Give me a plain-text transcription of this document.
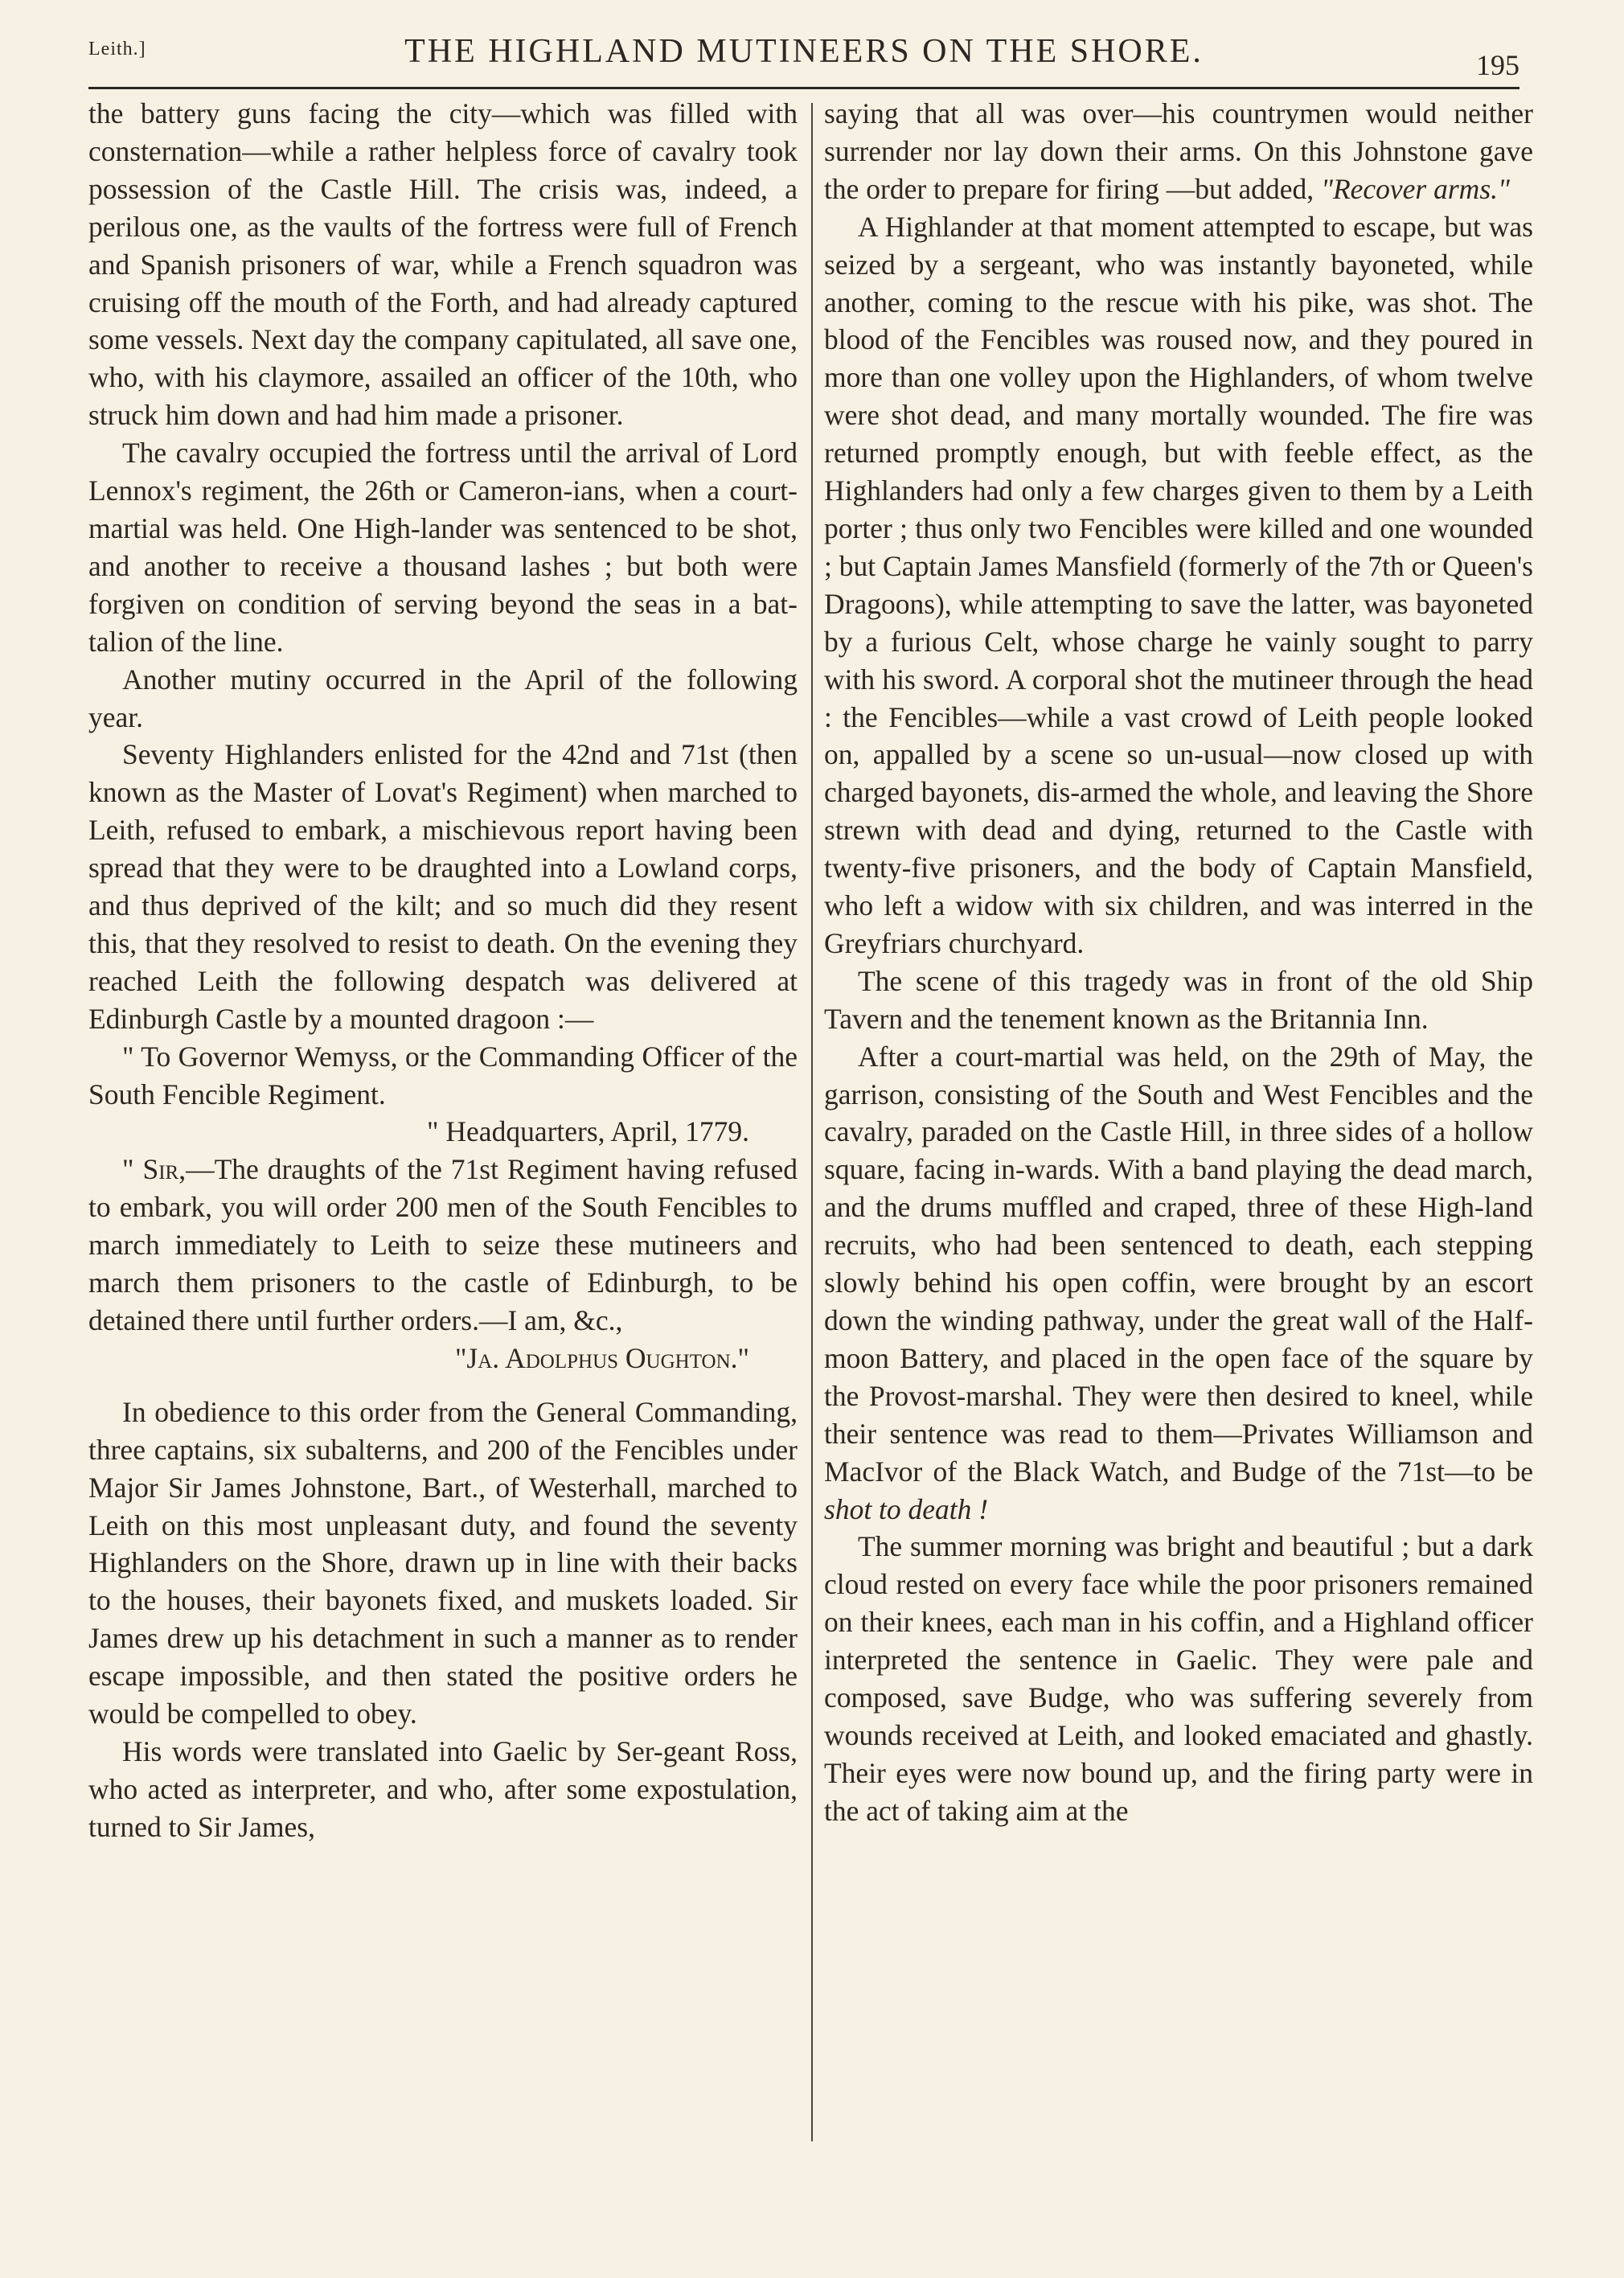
Leith.]	THE HIGHLAND MUTINEERS ON THE SHORE.	195

the battery guns facing the city—which was filled with consternation—while a rather helpless force of cavalry took possession of the Castle Hill. The crisis was, indeed, a perilous one, as the vaults of the fortress were full of French and Spanish prisoners of war, while a French squadron was cruising off the mouth of the Forth, and had already captured some vessels. Next day the company capitulated, all save one, who, with his claymore, assailed an officer of the 10th, who struck him down and had him made a prisoner.

The cavalry occupied the fortress until the arrival of Lord Lennox's regiment, the 26th or Cameron-ians, when a court-martial was held. One High-lander was sentenced to be shot, and another to receive a thousand lashes ; but both were forgiven on condition of serving beyond the seas in a bat-talion of the line.

Another mutiny occurred in the April of the following year.

Seventy Highlanders enlisted for the 42nd and 71st (then known as the Master of Lovat's Regiment) when marched to Leith, refused to embark, a mischievous report having been spread that they were to be draughted into a Lowland corps, and thus deprived of the kilt; and so much did they resent this, that they resolved to resist to death. On the evening they reached Leith the following despatch was delivered at Edinburgh Castle by a mounted dragoon :—

" To Governor Wemyss, or the Commanding Officer of the South Fencible Regiment.

" Headquarters, April, 1779.

" Sir,—The draughts of the 71st Regiment having refused to embark, you will order 200 men of the South Fencibles to march immediately to Leith to seize these mutineers and march them prisoners to the castle of Edinburgh, to be detained there until further orders.—I am, &c.,

"Ja. Adolphus Oughton."

In obedience to this order from the General Commanding, three captains, six subalterns, and 200 of the Fencibles under Major Sir James Johnstone, Bart., of Westerhall, marched to Leith on this most unpleasant duty, and found the seventy Highlanders on the Shore, drawn up in line with their backs to the houses, their bayonets fixed, and muskets loaded. Sir James drew up his detachment in such a manner as to render escape impossible, and then stated the positive orders he would be compelled to obey.

His words were translated into Gaelic by Ser-geant Ross, who acted as interpreter, and who, after some expostulation, turned to Sir James,

saying that all was over—his countrymen would neither surrender nor lay down their arms. On this Johnstone gave the order to prepare for firing —but added, "Recover arms."

A Highlander at that moment attempted to escape, but was seized by a sergeant, who was instantly bayoneted, while another, coming to the rescue with his pike, was shot. The blood of the Fencibles was roused now, and they poured in more than one volley upon the Highlanders, of whom twelve were shot dead, and many mortally wounded. The fire was returned promptly enough, but with feeble effect, as the Highlanders had only a few charges given to them by a Leith porter ; thus only two Fencibles were killed and one wounded ; but Captain James Mansfield (formerly of the 7th or Queen's Dragoons), while attempting to save the latter, was bayoneted by a furious Celt, whose charge he vainly sought to parry with his sword. A corporal shot the mutineer through the head : the Fencibles—while a vast crowd of Leith people looked on, appalled by a scene so un-usual—now closed up with charged bayonets, dis-armed the whole, and leaving the Shore strewn with dead and dying, returned to the Castle with twenty-five prisoners, and the body of Captain Mansfield, who left a widow with six children, and was interred in the Greyfriars churchyard.

The scene of this tragedy was in front of the old Ship Tavern and the tenement known as the Britannia Inn.

After a court-martial was held, on the 29th of May, the garrison, consisting of the South and West Fencibles and the cavalry, paraded on the Castle Hill, in three sides of a hollow square, facing in-wards. With a band playing the dead march, and the drums muffled and craped, three of these High-land recruits, who had been sentenced to death, each stepping slowly behind his open coffin, were brought by an escort down the winding pathway, under the great wall of the Half-moon Battery, and placed in the open face of the square by the Provost-marshal. They were then desired to kneel, while their sentence was read to them—Privates Williamson and MacIvor of the Black Watch, and Budge of the 71st—to be shot to death !

The summer morning was bright and beautiful ; but a dark cloud rested on every face while the poor prisoners remained on their knees, each man in his coffin, and a Highland officer interpreted the sentence in Gaelic. They were pale and composed, save Budge, who was suffering severely from wounds received at Leith, and looked emaciated and ghastly. Their eyes were now bound up, and the firing party were in the act of taking aim at the
